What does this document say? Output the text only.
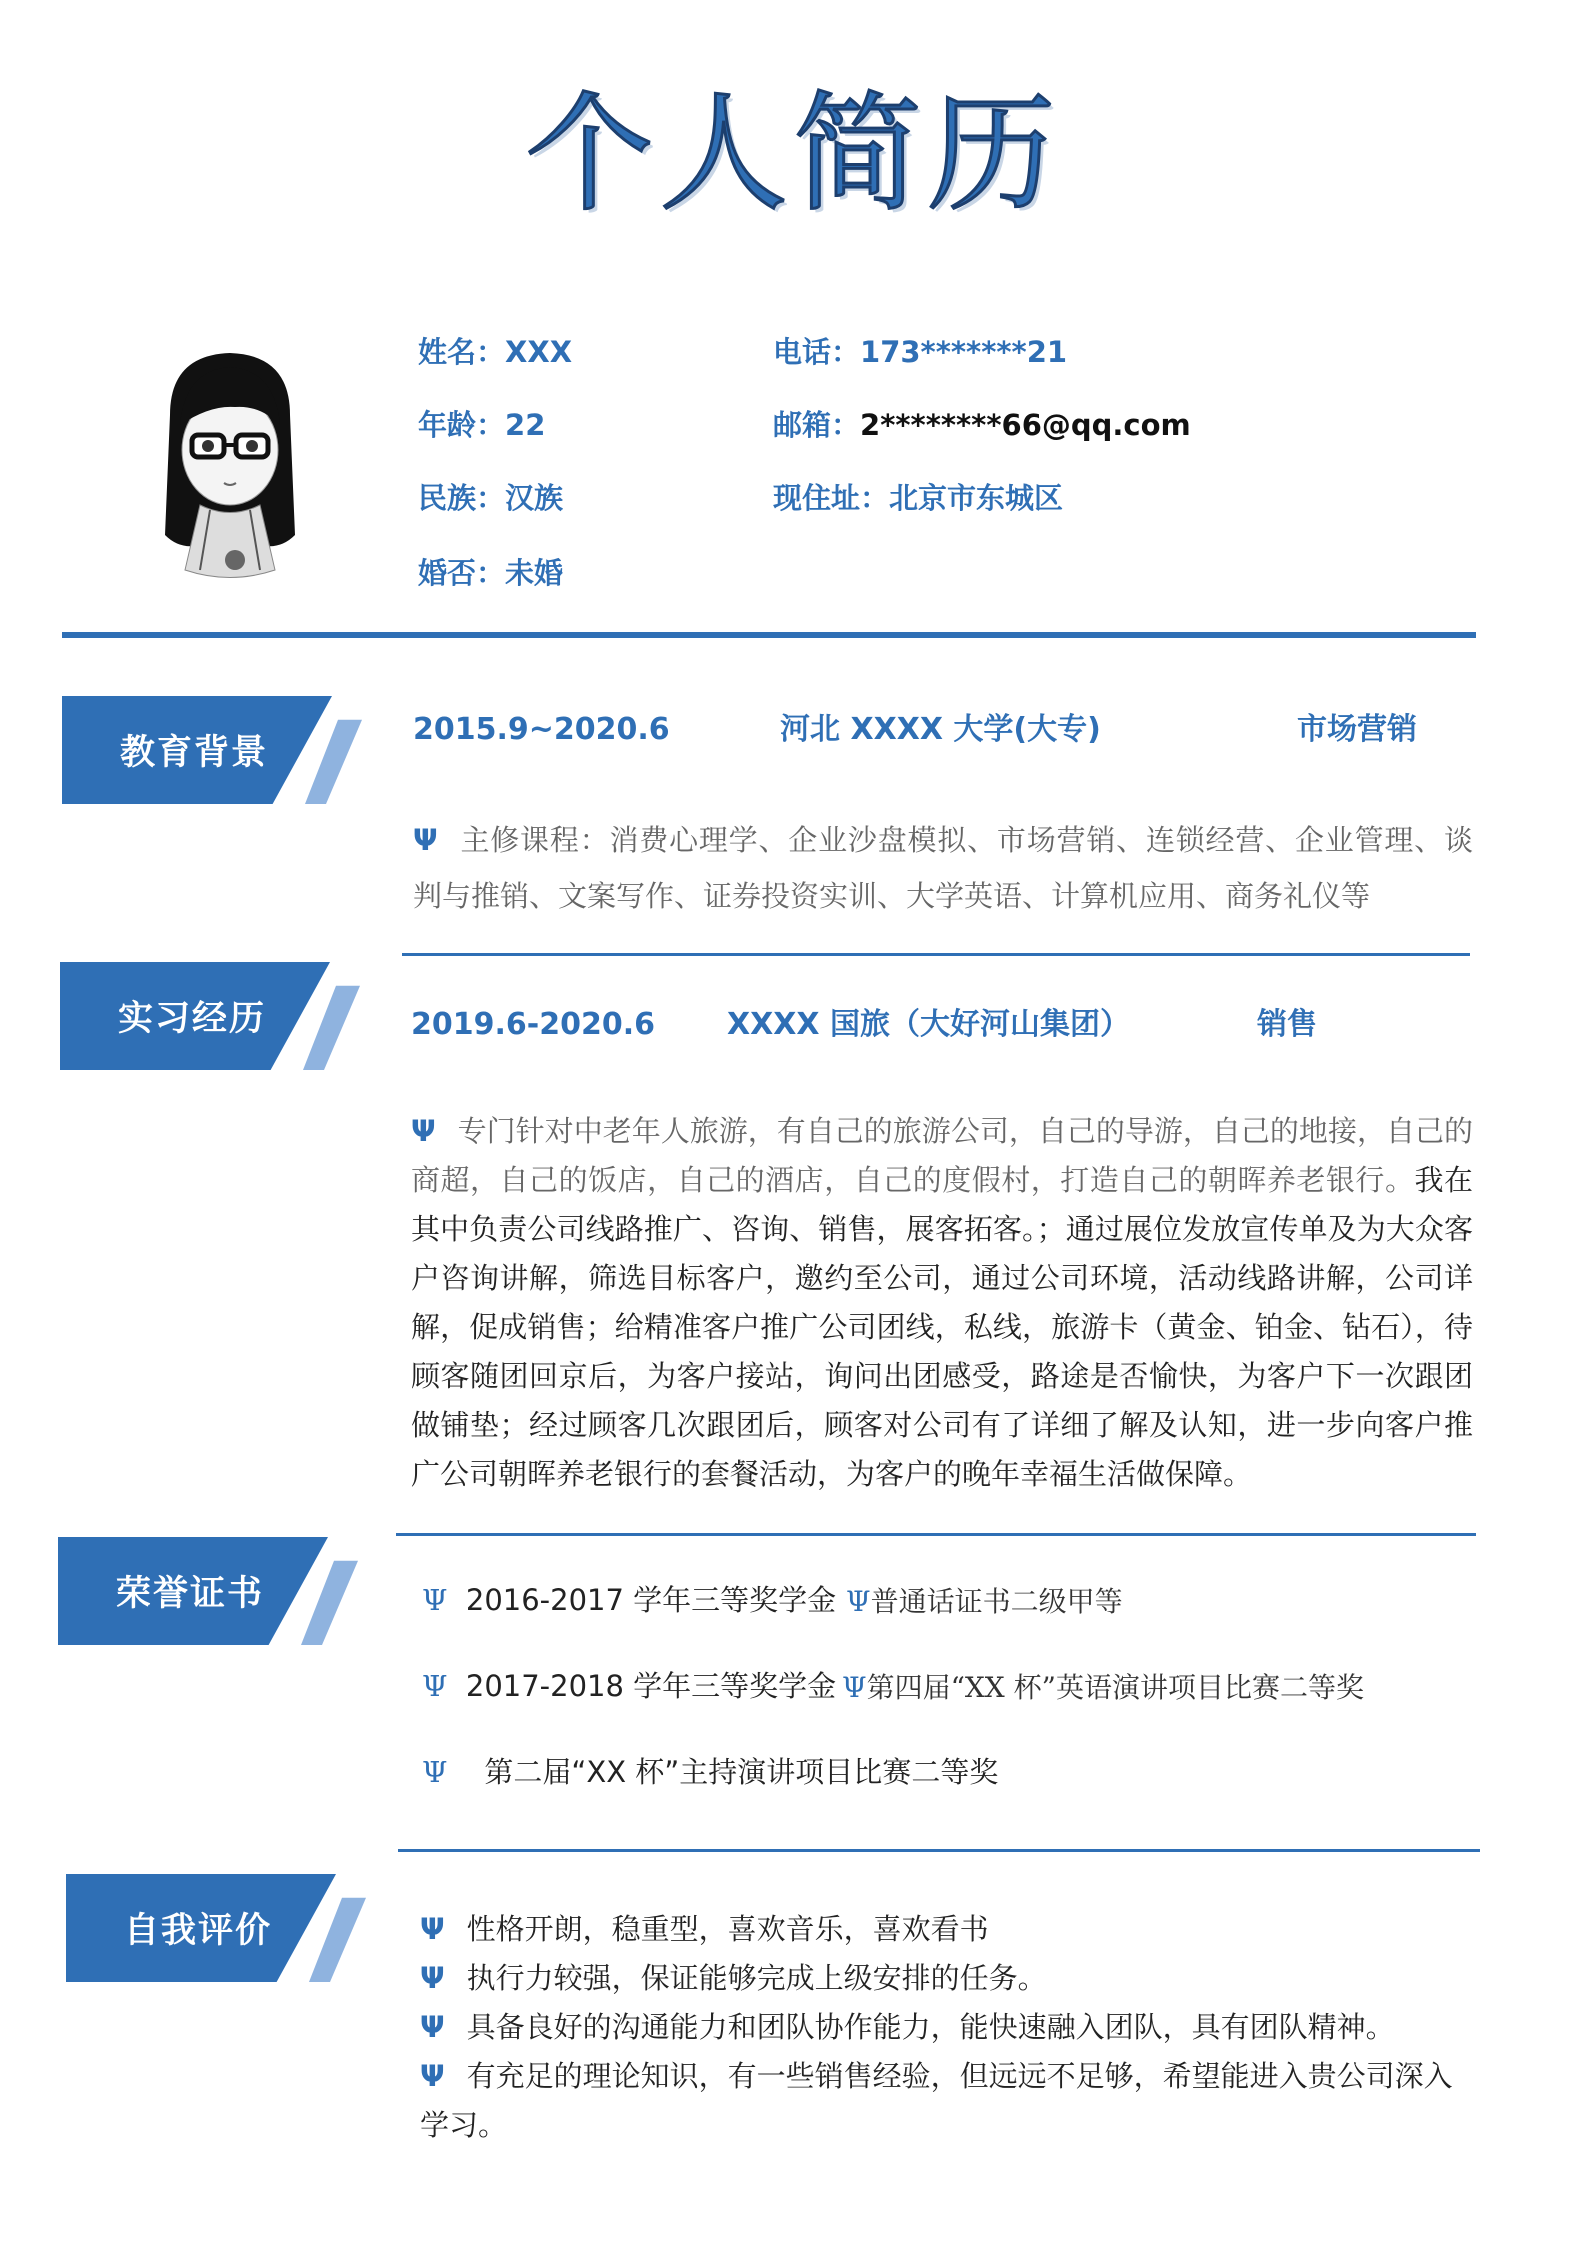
个人简历
姓名：XXX	电话：173*******21
年龄：22	邮箱：2********66@qq.com
民族：汉族	现住址：北京市东城区
婚否：未婚
教育背景
2015.9~2020.6	河北 XXXX 大学(大专)	市场营销
Ψ 主修课程：消费心理学、企业沙盘模拟、市场营销、连锁经营、企业管理、谈判与推销、文案写作、证券投资实训、大学英语、计算机应用、商务礼仪等
实习经历	2019.6-2020.6 XXXX 国旅（大好河山集团）	销售
Ψ 专门针对中老年人旅游，有自己的旅游公司，自己的导游，自己的地接，自己的商超，自己的饭店，自己的酒店，自己的度假村，打造自己的朝晖养老银行。我在其中负责公司线路推广、咨询、销售，展客拓客。；通过展位发放宣传单及为大众客户咨询讲解，筛选目标客户，邀约至公司，通过公司环境，活动线路讲解，公司详解，促成销售；给精准客户推广公司团线，私线，旅游卡（黄金、铂金、钻石），待顾客随团回京后，为客户接站，询问出团感受，路途是否愉快，为客户下一次跟团做铺垫；经过顾客几次跟团后，顾客对公司有了详细了解及认知，进一步向客户推广公司朝晖养老银行的套餐活动，为客户的晚年幸福生活做保障。
荣誉证书	Ψ 2016-2017 学年三等奖学金 Ψ普通话证书二级甲等
Ψ 2017-2018 学年三等奖学金 Ψ第四届“XX 杯”英语演讲项目比赛二等奖
Ψ 第二届“XX 杯”主持演讲项目比赛二等奖
自我评价	Ψ 性格开朗，稳重型，喜欢音乐，喜欢看书
Ψ 执行力较强，保证能够完成上级安排的任务。
Ψ 具备良好的沟通能力和团队协作能力，能快速融入团队，具有团队精神。
Ψ 有充足的理论知识，有一些销售经验，但远远不足够，希望能进入贵公司深入学习。
